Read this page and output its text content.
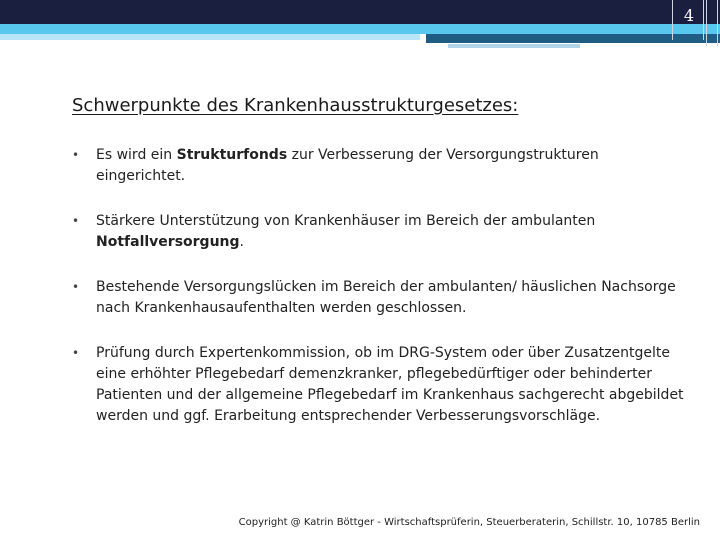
4
Schwerpunkte des Krankenhausstrukturgesetzes:
•	Es wird ein Strukturfonds zur Verbesserung der Versorgungstrukturen eingerichtet.
•	Stärkere Unterstützung von Krankenhäuser im Bereich der ambulanten Notfallversorgung.
•	Bestehende Versorgungslücken im Bereich der ambulanten/ häuslichen Nachsorge nach Krankenhausaufenthalten werden geschlossen.
•	Prüfung durch Expertenkommission, ob im DRG-System oder über Zusatzentgelte eine erhöhter Pflegebedarf demenzkranker, pflegebedürftiger oder behinderter Patienten und der allgemeine Pflegebedarf im Krankenhaus sachgerecht abgebildet werden und ggf. Erarbeitung entsprechender Verbesserungsvorschläge.
Copyright @ Katrin Böttger - Wirtschaftsprüferin, Steuerberaterin, Schillstr. 10, 10785 Berlin
